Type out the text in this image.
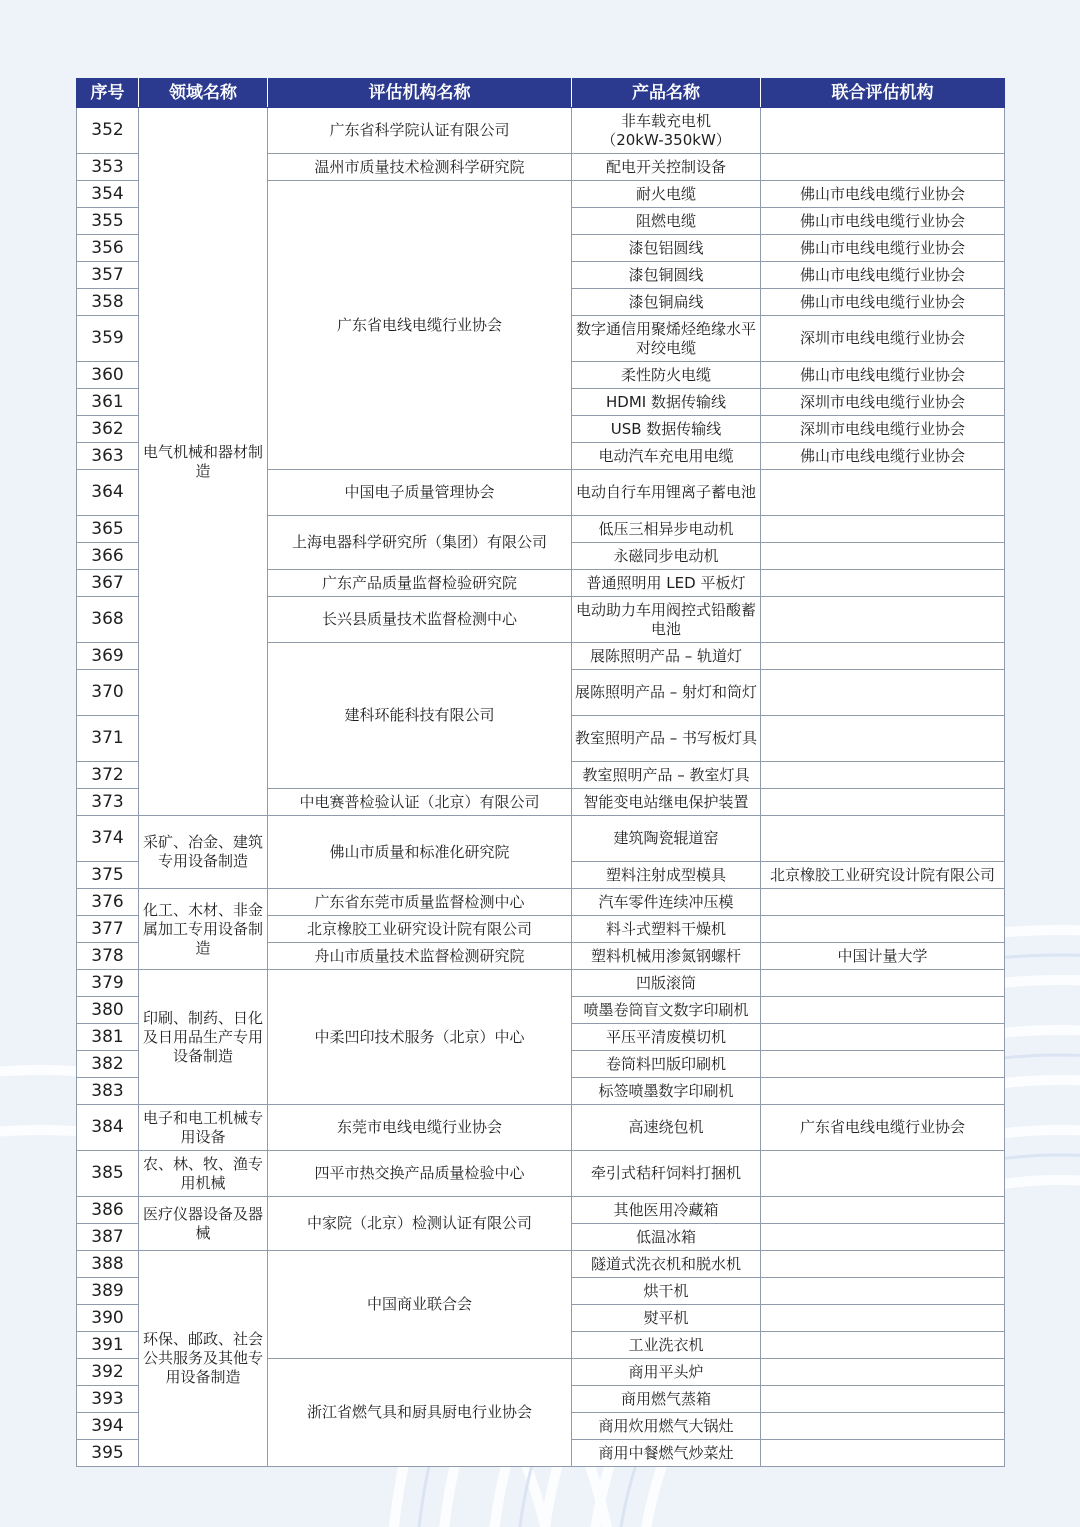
序号	领域名称	评估机构名称	产品名称	联合评估机构
352	电气机械和器材制造	广东省科学院认证有限公司	非车载充电机
（20kW-350kW）	
353		温州市质量技术检测科学研究院	配电开关控制设备	
354		广东省电线电缆行业协会	耐火电缆	佛山市电线电缆行业协会
355			阻燃电缆	佛山市电线电缆行业协会
356			漆包铝圆线	佛山市电线电缆行业协会
357			漆包铜圆线	佛山市电线电缆行业协会
358			漆包铜扁线	佛山市电线电缆行业协会
359			数字通信用聚烯烃绝缘水平对绞电缆	深圳市电线电缆行业协会
360			柔性防火电缆	佛山市电线电缆行业协会
361			HDMI 数据传输线	深圳市电线电缆行业协会
362			USB 数据传输线	深圳市电线电缆行业协会
363			电动汽车充电用电缆	佛山市电线电缆行业协会
364		中国电子质量管理协会	电动自行车用锂离子蓄电池	
365		上海电器科学研究所（集团）有限公司	低压三相异步电动机	
366			永磁同步电动机	
367		广东产品质量监督检验研究院	普通照明用 LED 平板灯	
368		长兴县质量技术监督检测中心	电动助力车用阀控式铅酸蓄电池	
369		建科环能科技有限公司	展陈照明产品 – 轨道灯	
370			展陈照明产品 – 射灯和筒灯	
371			教室照明产品 – 书写板灯具	
372			教室照明产品 – 教室灯具	
373		中电赛普检验认证（北京）有限公司	智能变电站继电保护装置	
374	采矿、冶金、建筑专用设备制造	佛山市质量和标准化研究院	建筑陶瓷辊道窑	
375			塑料注射成型模具	北京橡胶工业研究设计院有限公司
376	化工、木材、非金属加工专用设备制造	广东省东莞市质量监督检测中心	汽车零件连续冲压模	
377		北京橡胶工业研究设计院有限公司	料斗式塑料干燥机	
378		舟山市质量技术监督检测研究院	塑料机械用渗氮钢螺杆	中国计量大学
379	印刷、制药、日化及日用品生产专用设备制造	中柔凹印技术服务（北京）中心	凹版滚筒	
380			喷墨卷筒盲文数字印刷机	
381			平压平清废模切机	
382			卷筒料凹版印刷机	
383			标签喷墨数字印刷机	
384	电子和电工机械专用设备	东莞市电线电缆行业协会	高速绕包机	广东省电线电缆行业协会
385	农、林、牧、渔专用机械	四平市热交换产品质量检验中心	牵引式秸秆饲料打捆机	
386	医疗仪器设备及器械	中家院（北京）检测认证有限公司	其他医用冷藏箱	
387			低温冰箱	
388	环保、邮政、社会公共服务及其他专用设备制造	中国商业联合会	隧道式洗衣机和脱水机	
389			烘干机	
390			熨平机	
391			工业洗衣机	
392		浙江省燃气具和厨具厨电行业协会	商用平头炉	
393			商用燃气蒸箱	
394			商用炊用燃气大锅灶	
395			商用中餐燃气炒菜灶	
